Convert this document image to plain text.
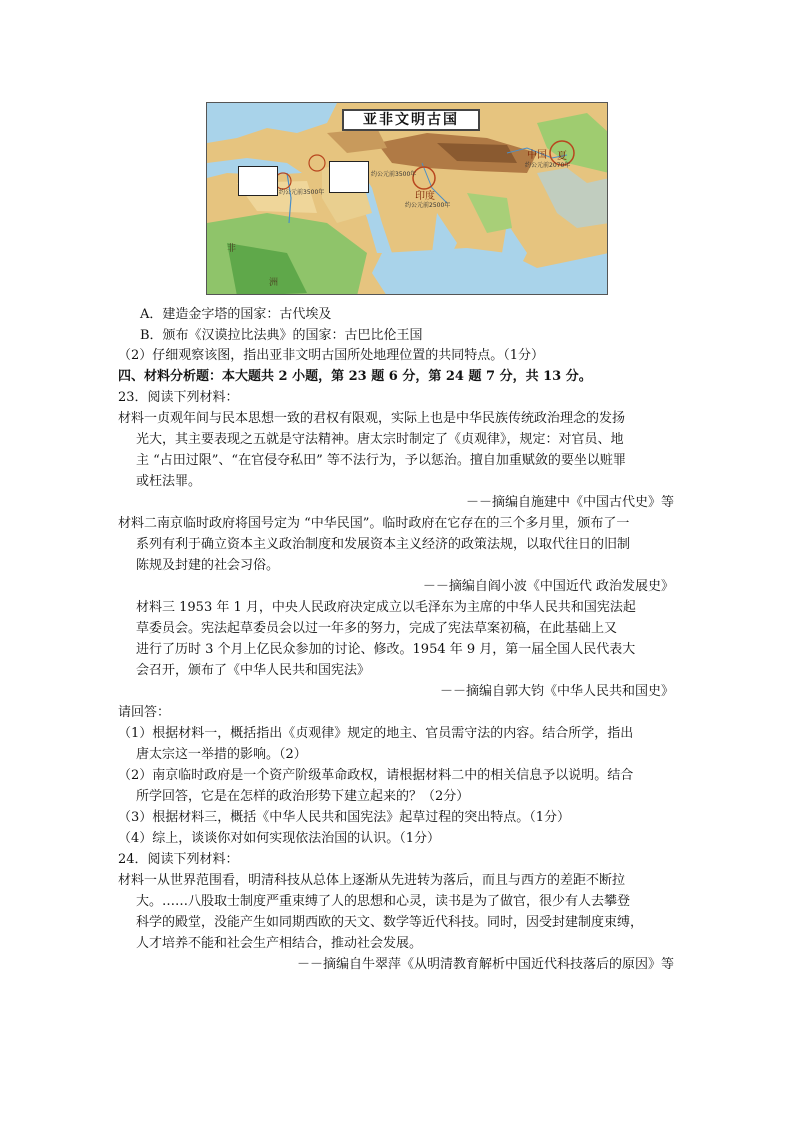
亚非文明古国
约公元前3500年
约公元前3500年	印度
约公元前2500年
中国 夏
约公元前2070年
非
洲
A．建造金字塔的国家：古代埃及
B．颁布《汉谟拉比法典》的国家：古巴比伦王国
（2）仔细观察该图，指出亚非文明古国所处地理位置的共同特点。（1分）
四、材料分析题：本大题共 2 小题，第 23 题 6 分，第 24 题 7 分，共 13 分。
23．阅读下列材料：
材料一贞观年间与民本思想一致的君权有限观，实际上也是中华民族传统政治理念的发扬
光大，其主要表现之五就是守法精神。唐太宗时制定了《贞观律》，规定：对官员、地
主 “占田过限”、“在官侵夺私田” 等不法行为，予以惩治。擅自加重赋敛的要坐以赃罪
或枉法罪。
－－摘编自施建中《中国古代史》等
材料二南京临时政府将国号定为 “中华民国”。临时政府在它存在的三个多月里，颁布了一
系列有利于确立资本主义政治制度和发展资本主义经济的政策法规，以取代往日的旧制
陈规及封建的社会习俗。
－－摘编自阎小波《中国近代 政治发展史》
材料三 1953 年 1 月，中央人民政府决定成立以毛泽东为主席的中华人民共和国宪法起
草委员会。宪法起草委员会以过一年多的努力，完成了宪法草案初稿，在此基础上又
进行了历时 3 个月上亿民众参加的讨论、修改。1954 年 9 月，第一届全国人民代表大
会召开，颁布了《中华人民共和国宪法》
－－摘编自郭大钧《中华人民共和国史》
请回答：
（1）根据材料一，概括指出《贞观律》规定的地主、官员需守法的内容。结合所学，指出
唐太宗这一举措的影响。（2）
（2）南京临时政府是一个资产阶级革命政权，请根据材料二中的相关信息予以说明。结合
所学回答，它是在怎样的政治形势下建立起来的？（2分）
（3）根据材料三，概括《中华人民共和国宪法》起草过程的突出特点。（1分）
（4）综上，谈谈你对如何实现依法治国的认识。（1分）
24．阅读下列材料：
材料一从世界范围看，明清科技从总体上逐渐从先进转为落后，而且与西方的差距不断拉
大。……八股取士制度严重束缚了人的思想和心灵，读书是为了做官，很少有人去攀登
科学的殿堂，没能产生如同期西欧的天文、数学等近代科技。同时，因受封建制度束缚，
人才培养不能和社会生产相结合，推动社会发展。
－－摘编自牛翠萍《从明清教育解析中国近代科技落后的原因》等
